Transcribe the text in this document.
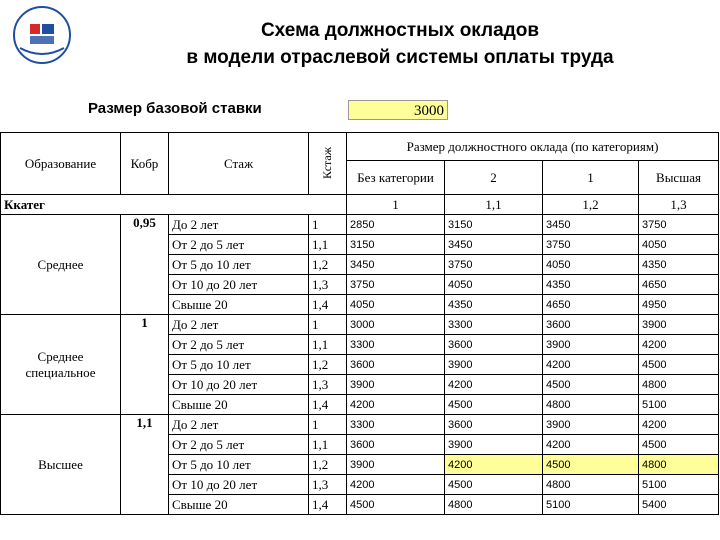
Схема должностных окладов
в модели отраслевой системы оплаты труда
Размер базовой ставки	3000
Образование	Кобр	Стаж	Кстаж	Размер должностного оклада (по категориям)			
				Без категории	2	1	Высшая
Ккатег				1	1,1	1,2	1,3
Среднее	0,95	До 2 лет	1	2850	3150	3450	3750
		От 2 до 5 лет	1,1	3150	3450	3750	4050
		От 5 до 10 лет	1,2	3450	3750	4050	4350
		От 10 до 20 лет	1,3	3750	4050	4350	4650
		Свыше 20	1,4	4050	4350	4650	4950
Среднее специальное	1	До 2 лет	1	3000	3300	3600	3900
		От 2 до 5 лет	1,1	3300	3600	3900	4200
		От 5 до 10 лет	1,2	3600	3900	4200	4500
		От 10 до 20 лет	1,3	3900	4200	4500	4800
		Свыше 20	1,4	4200	4500	4800	5100
Высшее	1,1	До 2 лет	1	3300	3600	3900	4200
		От 2 до 5 лет	1,1	3600	3900	4200	4500
		От 5 до 10 лет	1,2	3900	4200	4500	4800
		От 10 до 20 лет	1,3	4200	4500	4800	5100
		Свыше 20	1,4	4500	4800	5100	5400
